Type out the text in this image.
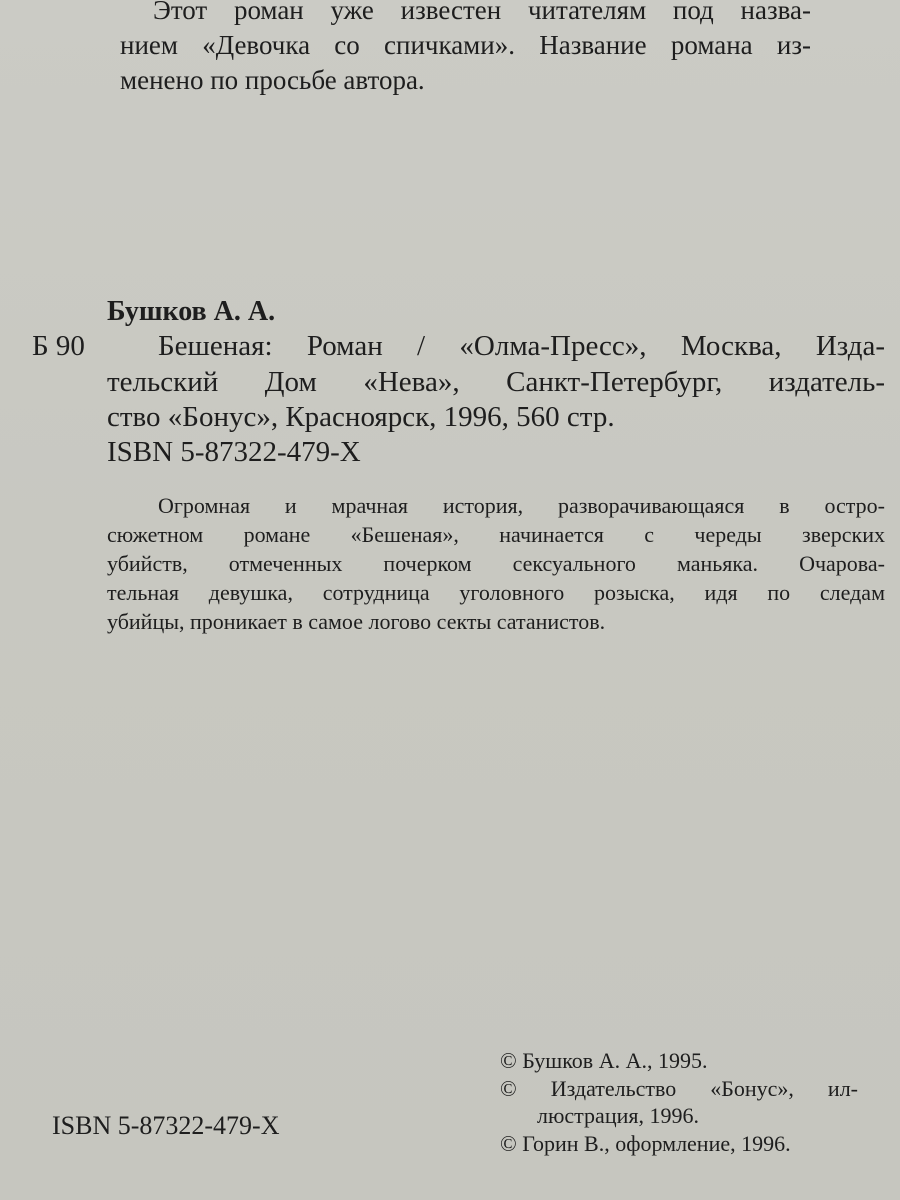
Этот роман уже известен читателям под назва-

нием «Девочка со спичками». Название романа из-

менено по просьбе автора.

Бушков А. А.

Б 90	Бешеная: Роман / «Олма-Пресс», Москва, Изда-

тельский Дом «Нева», Санкт-Петербург, издатель-

ство «Бонус», Красноярск, 1996, 560 стр.

ISBN 5-87322-479-X

Огромная и мрачная история, разворачивающаяся в остро-

сюжетном романе «Бешеная», начинается с череды зверских

убийств, отмеченных почерком сексуального маньяка. Очарова-

тельная девушка, сотрудница уголовного розыска, идя по следам

убийцы, проникает в самое логово секты сатанистов.

ISBN 5-87322-479-X

© Бушков А. А., 1995.

© Издательство «Бонус», ил-

люстрация, 1996.

© Горин В., оформление, 1996.
